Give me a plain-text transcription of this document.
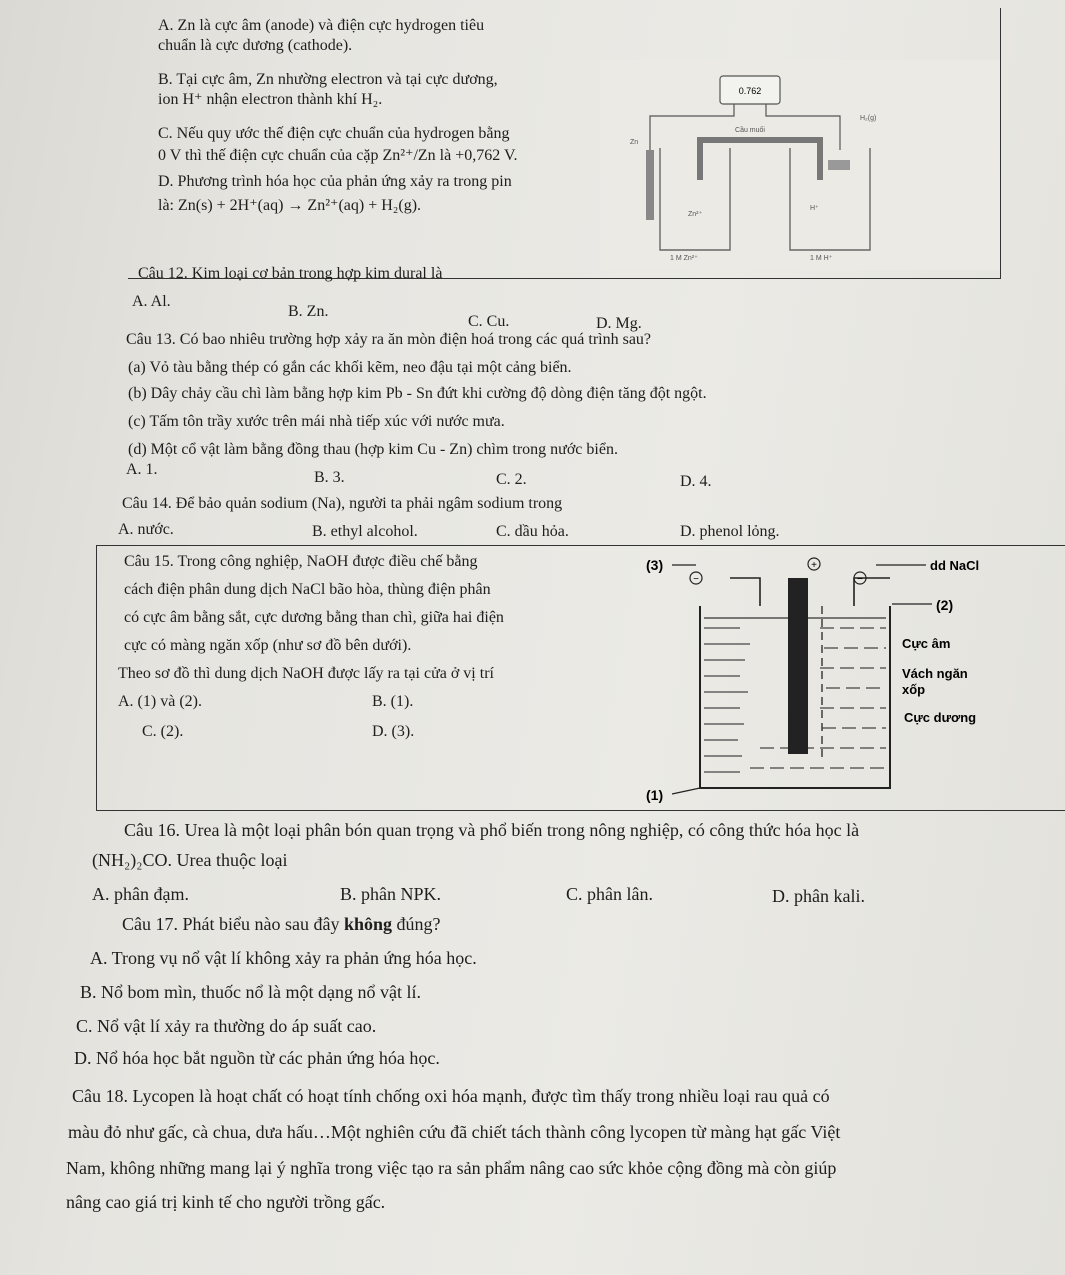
A. Zn là cực âm (anode) và điện cực hydrogen tiêu
chuẩn là cực dương (cathode).
B. Tại cực âm, Zn nhường electron và tại cực dương,
ion H⁺ nhận electron thành khí H₂.
C. Nếu quy ước thế điện cực chuẩn của hydrogen bằng
0 V thì thế điện cực chuẩn của cặp Zn²⁺/Zn là +0,762 V.
D. Phương trình hóa học của phản ứng xảy ra trong pin
là: Zn(s) + 2H⁺(aq) → Zn²⁺(aq) + H₂(g).
0.762
Cầu muối
H₂(g)
Zn
H⁺
Zn²⁺
1 M Zn²⁺	1 M H⁺
Câu 12. Kim loại cơ bản trong hợp kim dural là
A. Al.
B. Zn.
C. Cu.	D. Mg.
Câu 13. Có bao nhiêu trường hợp xảy ra ăn mòn điện hoá trong các quá trình sau?
(a) Vỏ tàu bằng thép có gắn các khối kẽm, neo đậu tại một cảng biển.
(b) Dây chảy cầu chì làm bằng hợp kim Pb - Sn đứt khi cường độ dòng điện tăng đột ngột.
(c) Tấm tôn trầy xước trên mái nhà tiếp xúc với nước mưa.
(d) Một cổ vật làm bằng đồng thau (hợp kim Cu - Zn) chìm trong nước biển.
A. 1.	B. 3.	C. 2.	D. 4.
Câu 14. Để bảo quản sodium (Na), người ta phải ngâm sodium trong
A. nước.	B. ethyl alcohol.	C. dầu hỏa.	D. phenol lỏng.
Câu 15. Trong công nghiệp, NaOH được điều chế bằng
cách điện phân dung dịch NaCl bão hòa, thùng điện phân
có cực âm bằng sắt, cực dương bằng than chì, giữa hai điện
cực có màng ngăn xốp (như sơ đồ bên dưới).
Theo sơ đồ thì dung dịch NaOH được lấy ra tại cửa ở vị trí
A. (1) và (2).	B. (1).
C. (2).	D. (3).
+
−	−
(3)	dd NaCl
(2)
Cực âm
Vách ngăn
xốp
Cực dương
(1)
Câu 16. Urea là một loại phân bón quan trọng và phổ biến trong nông nghiệp, có công thức hóa học là
(NH₂)₂CO. Urea thuộc loại
A. phân đạm.	B. phân NPK.	C. phân lân.	D. phân kali.
Câu 17. Phát biểu nào sau đây không đúng?
A. Trong vụ nổ vật lí không xảy ra phản ứng hóa học.
B. Nổ bom mìn, thuốc nổ là một dạng nổ vật lí.
C. Nổ vật lí xảy ra thường do áp suất cao.
D. Nổ hóa học bắt nguồn từ các phản ứng hóa học.
Câu 18. Lycopen là hoạt chất có hoạt tính chống oxi hóa mạnh, được tìm thấy trong nhiều loại rau quả có
màu đỏ như gấc, cà chua, dưa hấu…Một nghiên cứu đã chiết tách thành công lycopen từ màng hạt gấc Việt
Nam, không những mang lại ý nghĩa trong việc tạo ra sản phẩm nâng cao sức khỏe cộng đồng mà còn giúp
nâng cao giá trị kinh tế cho người trồng gấc.
